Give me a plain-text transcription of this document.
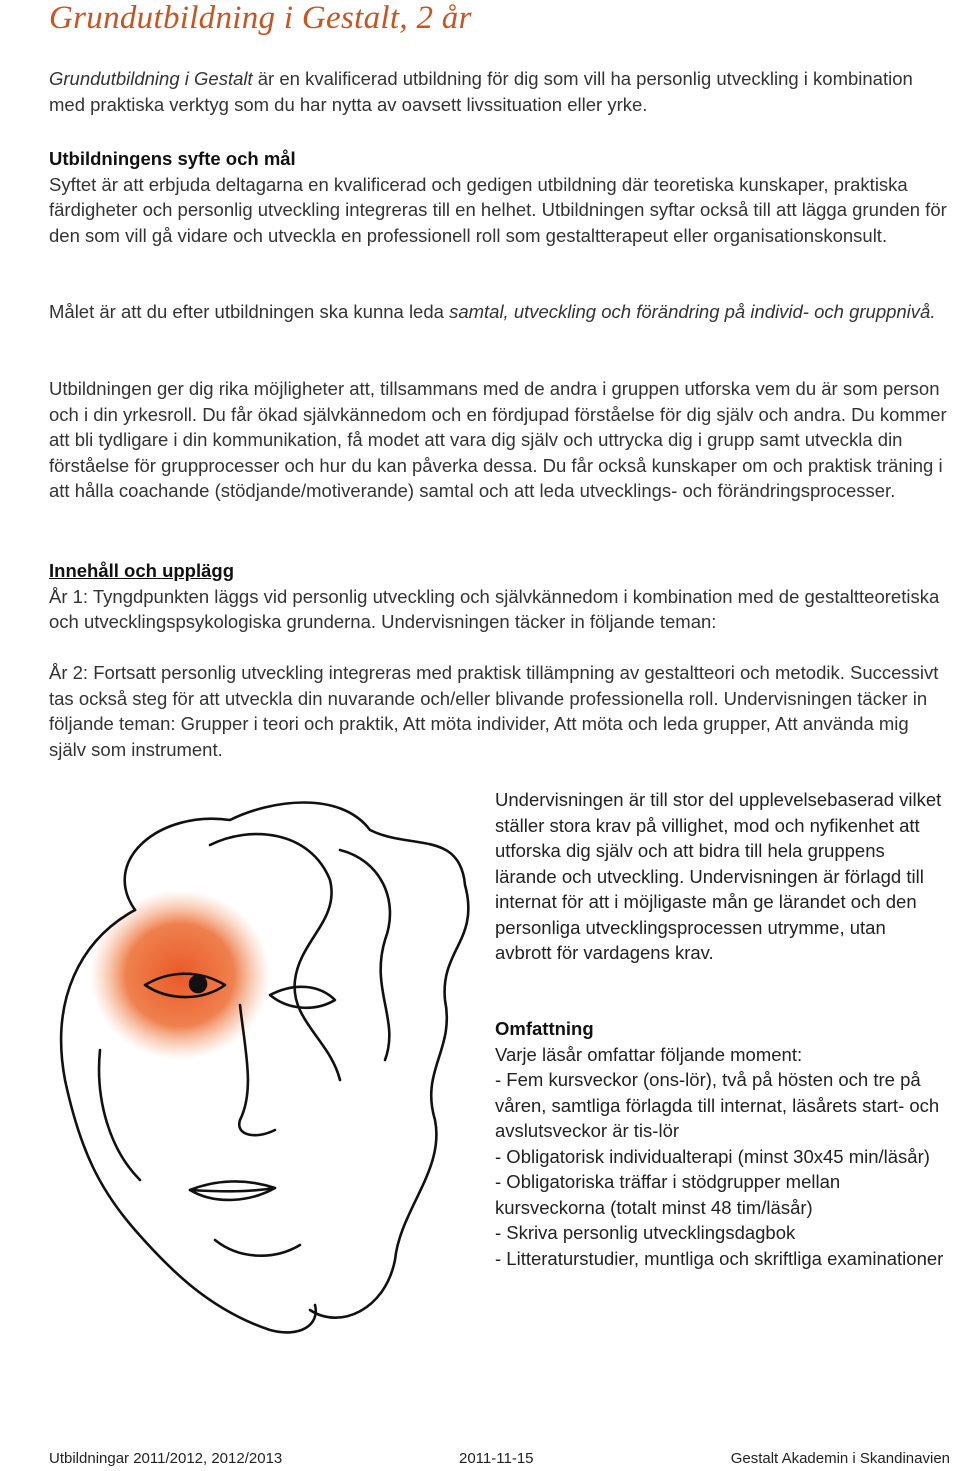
Grundutbildning i Gestalt, 2 år
Grundutbildning i Gestalt är en kvalificerad utbildning för dig som vill ha personlig utveckling i kombination med praktiska verktyg som du har nytta av oavsett livssituation eller yrke.
Utbildningens syfte och mål
Syftet är att erbjuda deltagarna en kvalificerad och gedigen utbildning där teoretiska kunskaper, praktiska färdigheter och personlig utveckling integreras till en helhet. Utbildningen syftar också till att lägga grunden för den som vill gå vidare och utveckla en professionell roll som gestaltterapeut eller organisationskonsult.
Målet är att du efter utbildningen ska kunna leda samtal, utveckling och förändring på individ- och gruppnivå.
Utbildningen ger dig rika möjligheter att, tillsammans med de andra i gruppen utforska vem du är som person och i din yrkesroll. Du får ökad självkännedom och en fördjupad förståelse för dig själv och andra. Du kommer att bli tydligare i din kommunikation, få modet att vara dig själv och uttrycka dig i grupp samt utveckla din förståelse för grupprocesser och hur du kan påverka dessa. Du får också kunskaper om och praktisk träning i att hålla coachande (stödjande/motiverande) samtal och att leda utvecklings- och förändringsprocesser.
Innehåll och upplägg
År 1: Tyngdpunkten läggs vid personlig utveckling och självkännedom i kombination med de gestaltteoretiska och utvecklingspsykologiska grunderna. Undervisningen täcker in följande teman:
År 2: Fortsatt personlig utveckling integreras med praktisk tillämpning av gestaltteori och metodik. Successivt tas också steg för att utveckla din nuvarande och/eller blivande professionella roll. Undervisningen täcker in följande teman: Grupper i teori och praktik, Att möta individer, Att möta och leda grupper, Att använda mig själv som instrument.
Undervisningen är till stor del upplevelsebaserad vilket ställer stora krav på villighet, mod och nyfikenhet att utforska dig själv och att bidra till hela gruppens lärande och utveckling. Undervisningen är förlagd till internat för att i möjligaste mån ge lärandet och den personliga utvecklingsprocessen utrymme, utan avbrott för vardagens krav.
Omfattning
Varje läsår omfattar följande moment:
- Fem kursveckor (ons-lör), två på hösten och tre på våren, samtliga förlagda till internat, läsårets start- och avslutsveckor är tis-lör
- Obligatorisk individualterapi (minst 30x45 min/läsår)
- Obligatoriska träffar i stödgrupper mellan kursveckorna (totalt minst 48 tim/läsår)
- Skriva personlig utvecklingsdagbok
- Litteraturstudier, muntliga och skriftliga examinationer
Utbildningar 2011/2012, 2012/2013	2011-11-15	Gestalt Akademin i Skandinavien
